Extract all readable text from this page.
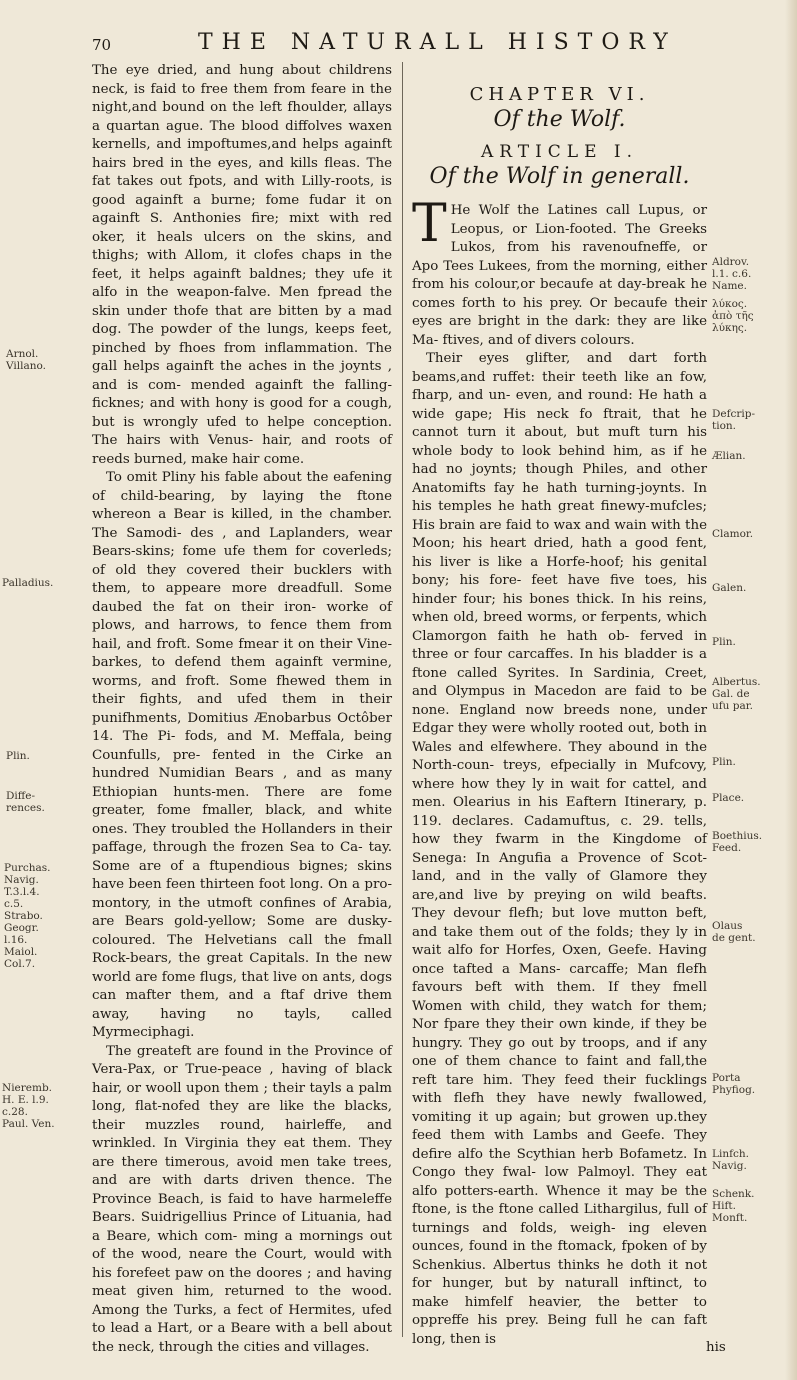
70	THE NATURALL HISTORY

The eye dried, and hung about childrens neck, is faid to free them from feare in the night,and bound on the left fhoulder, allays a quartan ague. The blood diffolves waxen kernells, and impoftumes,and helps againft hairs bred in the eyes, and kills fleas. The fat takes out fpots, and with Lilly-roots, is good againft a burne; fome fudar it on againft S. Anthonies fire; mixt with red oker, it heals ulcers on the skins, and thighs; with Allom, it clofes chaps in the feet, it helps againft baldnes; they ufe it alfo in the weapon-falve. Men fpread the skin under thofe that are bitten by a mad dog. The powder of the lungs, keeps feet, pinched by fhoes from inflammation. The gall helps againft the aches in the joynts , and is com- mended againft the falling-ficknes; and with hony is good for a cough, but is wrongly ufed to helpe conception. The hairs with Venus- hair, and roots of reeds burned, make hair come.

To omit Pliny his fable about the eafening of child-bearing, by laying the ftone whereon a Bear is killed, in the chamber. The Samodi- des , and Laplanders, wear Bears-skins; fome ufe them for coverleds; of old they covered their bucklers with them, to appeare more dreadfull. Some daubed the fat on their iron- worke of plows, and harrows, to fence them from hail, and froft. Some fmear it on their Vine-barkes, to defend them againft vermine, worms, and froft. Some fhewed them in their fights, and ufed them in their punifhments, Domitius Ænobarbus Octôber 14. The Pi- fods, and M. Meffala, being Counfulls, pre- fented in the Cirke an hundred Numidian Bears , and as many Ethiopian hunts-men. There are fome greater, fome fmaller, black, and white ones. They troubled the Hollanders in their paffage, through the frozen Sea to Ca- tay. Some are of a ftupendious bignes; skins have been feen thirteen foot long. On a pro- montory, in the utmoft confines of Arabia, are Bears gold-yellow; Some are dusky-coloured. The Helvetians call the fmall Rock-bears, the great Capitals. In the new world are fome flugs, that live on ants, dogs can mafter them, and a ftaf drive them away, having no tayls, called Myrmeciphagi.

The greateft are found in the Province of Vera-Pax, or True-peace , having of black hair, or wooll upon them ; their tayls a palm long, flat-nofed they are like the blacks, their muzzles round, hairleffe, and wrinkled. In Virginia they eat them. They are there timerous, avoid men take trees, and are with darts driven thence. The Province Beach, is faid to have harmeleffe Bears. Suidrigellius Prince of Lituania, had a Beare, which com- ming a mornings out of the wood, neare the Court, would with his forefeet paw on the doores ; and having meat given him, returned to the wood. Among the Turks, a fect of Hermites, ufed to lead a Hart, or a Beare with a bell about the neck, through the cities and villages.

Arnol.
Villano.
Palladius.
Plin.
Diffe-
rences.
Purchas.
Navig.
T.3.l.4.
c.5.
Strabo.
Geogr.
l.16.
Maiol.
Col.7.
Nieremb.
H. E. l.9.
c.28.
Paul. Ven.
CHAPTER VI.
Of the Wolf.
ARTICLE I.
Of the Wolf in generall.
T He Wolf the Latines call Lupus, or Leopus, or Lion-footed. The Greeks Lukos, from his ravenoufneffe, or Apo Tees Lukees, from the morning, either from his colour,or becaufe at day-break he comes forth to his prey. Or becaufe their eyes are bright in the dark: they are like Ma- ftives, and of divers colours.

Their eyes glifter, and dart forth beams,and ruffet: their teeth like an fow, fharp, and un- even, and round: He hath a wide gape; His neck fo ftrait, that he cannot turn it about, but muft turn his whole body to look behind him, as if he had no joynts; though Philes, and other Anatomifts fay he hath turning-joynts. In his temples he hath great finewy-mufcles; His brain are faid to wax and wain with the Moon; his heart dried, hath a good fent, his liver is like a Horfe-hoof; his genital bony; his fore- feet have five toes, his hinder four; his bones thick. In his reins, when old, breed worms, or ferpents, which Clamorgon faith he hath ob- ferved in three or four carcaffes. In his bladder is a ftone called Syrites. In Sardinia, Creet, and Olympus in Macedon are faid to be none. England now breeds none, under Edgar they were wholly rooted out, both in Wales and elfewhere. They abound in the North-coun- treys, efpecially in Mufcovy, where how they ly in wait for cattel, and men. Olearius in his Eaftern Itinerary, p. 119. declares. Cadamuftus, c. 29. tells, how they fwarm in the Kingdome of Senega: In Angufia a Provence of Scot- land, and in the vally of Glamore they are,and live by preying on wild beafts. They devour flefh; but love mutton beft, and take them out of the folds; they ly in wait alfo for Horfes, Oxen, Geefe. Having once tafted a Mans- carcaffe; Man flefh favours beft with them. If they fmell Women with child, they watch for them; Nor fpare they their own kinde, if they be hungry. They go out by troops, and if any one of them chance to faint and fall,the reft tare him. They feed their fucklings with flefh they have newly fwallowed, vomiting it up again; but growen up.they feed them with Lambs and Geefe. They defire alfo the Scythian herb Bofametz. In Congo they fwal- low Palmoyl. They eat alfo potters-earth. Whence it may be the ftone, is the ftone called Lithargilus, full of turnings and folds, weigh- ing eleven ounces, found in the ftomack, fpoken of by Schenkius. Albertus thinks he doth it not for hunger, but by naturall inftinct, to make himfelf heavier, the better to oppreffe his prey. Being full he can faft long, then is

Aldrov.
l.1. c.6.
Name.
λύκος.
ἀπὸ τῆς
λύκης.
Defcrip-
tion.
Ælian.
Clamor.
Galen.
Plin.
Albertus.
Gal. de
ufu par.
Plin.
Place.
Boethius.
Feed.
Olaus
de gent.
Porta
Phyfiog.
Linfch.
Navig.
Schenk.
Hift.
Monft.
his
